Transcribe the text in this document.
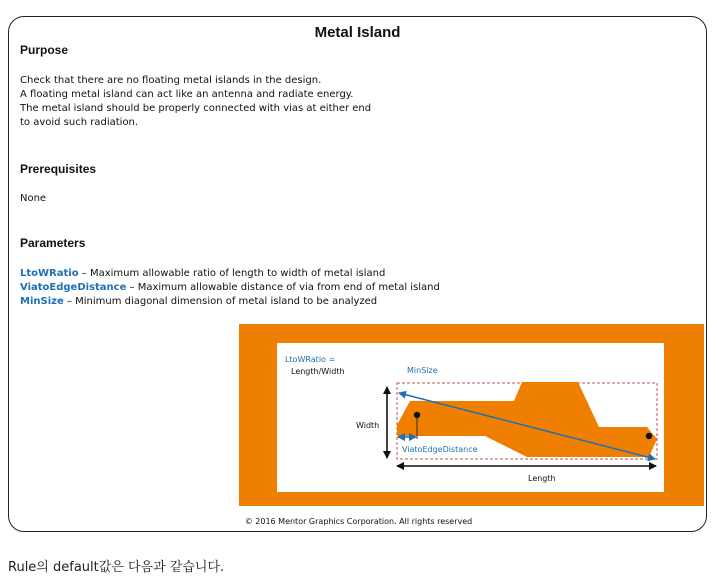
Metal Island
Purpose
Check that there are no floating metal islands in the design.
A floating metal island can act like an antenna and radiate energy.
The metal island should be properly connected with vias at either end
to avoid such radiation.
Prerequisites
None
Parameters
LtoWRatio – Maximum allowable ratio of length to width of metal island
ViatoEdgeDistance – Maximum allowable distance of via from end of metal island
MinSize – Minimum diagonal dimension of metal island to be analyzed
LtoWRatio =
Length/Width	MinSize
Width
ViatoEdgeDistance
Length
© 2016 Mentor Graphics Corporation. All rights reserved
Rule의 default값은 다음과 같습니다.
